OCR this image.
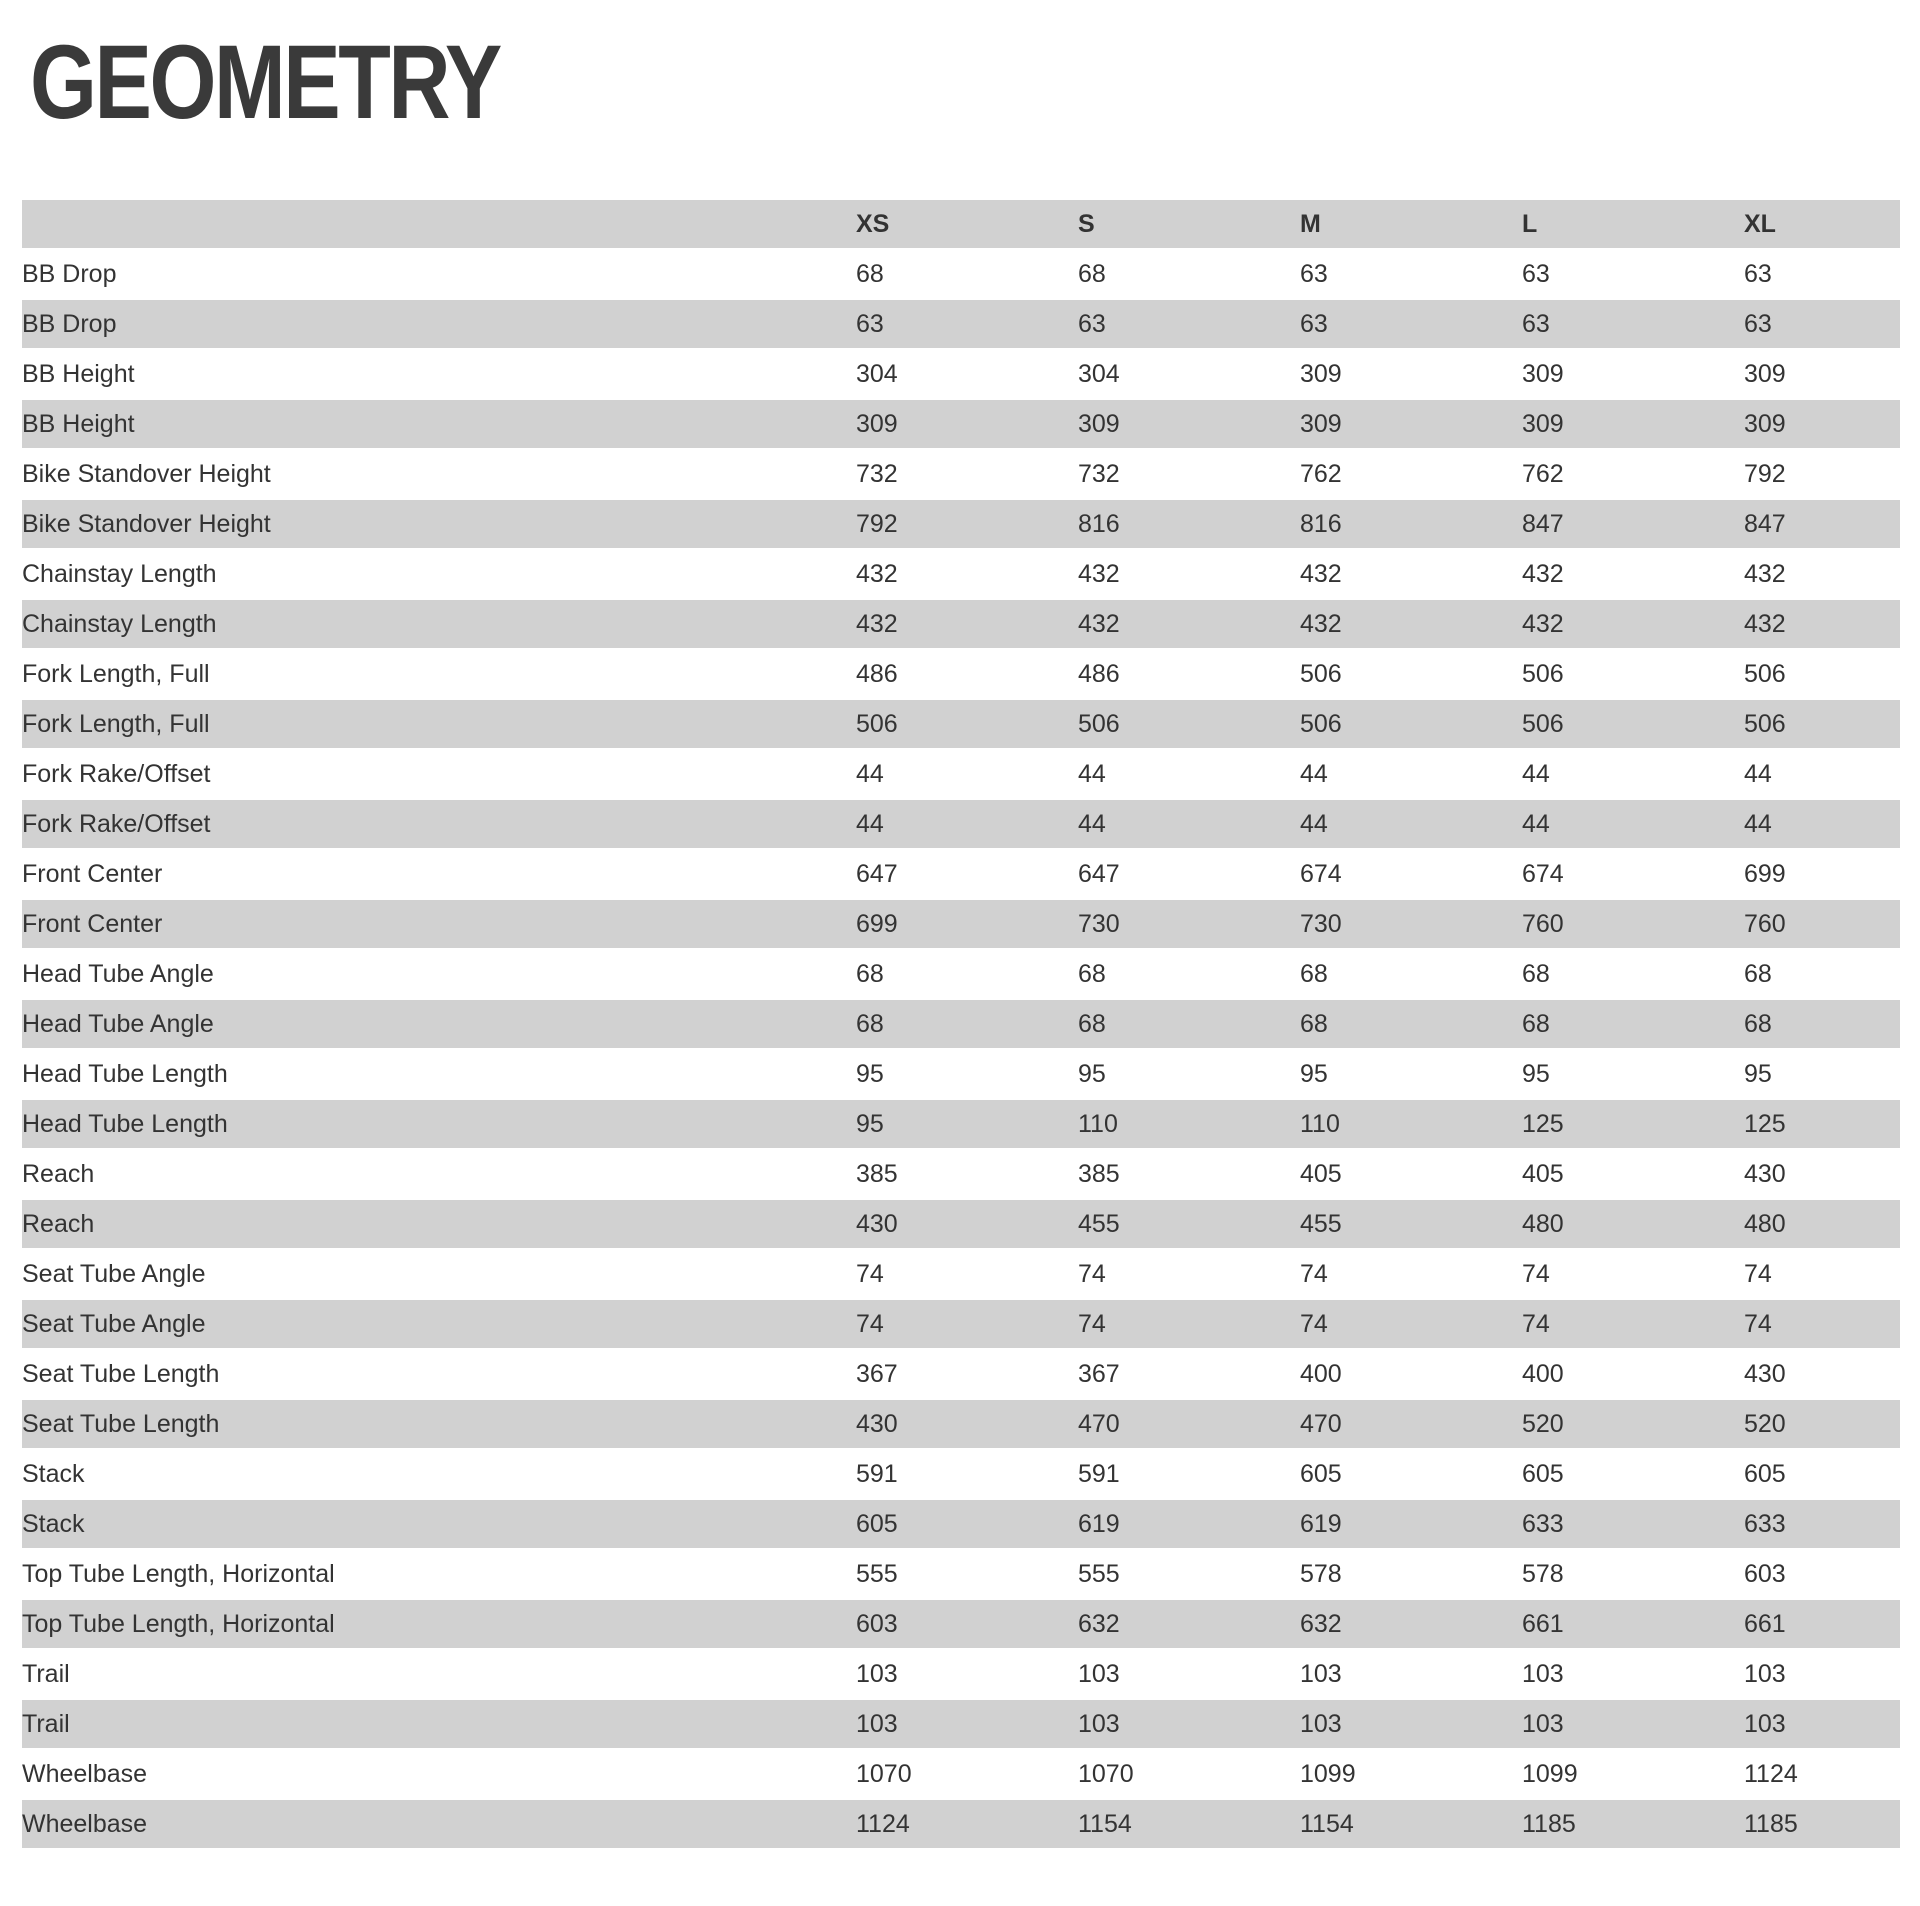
GEOMETRY
	XS	S	M	L	XL
BB Drop	68	68	63	63	63
BB Drop	63	63	63	63	63
BB Height	304	304	309	309	309
BB Height	309	309	309	309	309
Bike Standover Height	732	732	762	762	792
Bike Standover Height	792	816	816	847	847
Chainstay Length	432	432	432	432	432
Chainstay Length	432	432	432	432	432
Fork Length, Full	486	486	506	506	506
Fork Length, Full	506	506	506	506	506
Fork Rake/Offset	44	44	44	44	44
Fork Rake/Offset	44	44	44	44	44
Front Center	647	647	674	674	699
Front Center	699	730	730	760	760
Head Tube Angle	68	68	68	68	68
Head Tube Angle	68	68	68	68	68
Head Tube Length	95	95	95	95	95
Head Tube Length	95	110	110	125	125
Reach	385	385	405	405	430
Reach	430	455	455	480	480
Seat Tube Angle	74	74	74	74	74
Seat Tube Angle	74	74	74	74	74
Seat Tube Length	367	367	400	400	430
Seat Tube Length	430	470	470	520	520
Stack	591	591	605	605	605
Stack	605	619	619	633	633
Top Tube Length, Horizontal	555	555	578	578	603
Top Tube Length, Horizontal	603	632	632	661	661
Trail	103	103	103	103	103
Trail	103	103	103	103	103
Wheelbase	1070	1070	1099	1099	1124
Wheelbase	1124	1154	1154	1185	1185
